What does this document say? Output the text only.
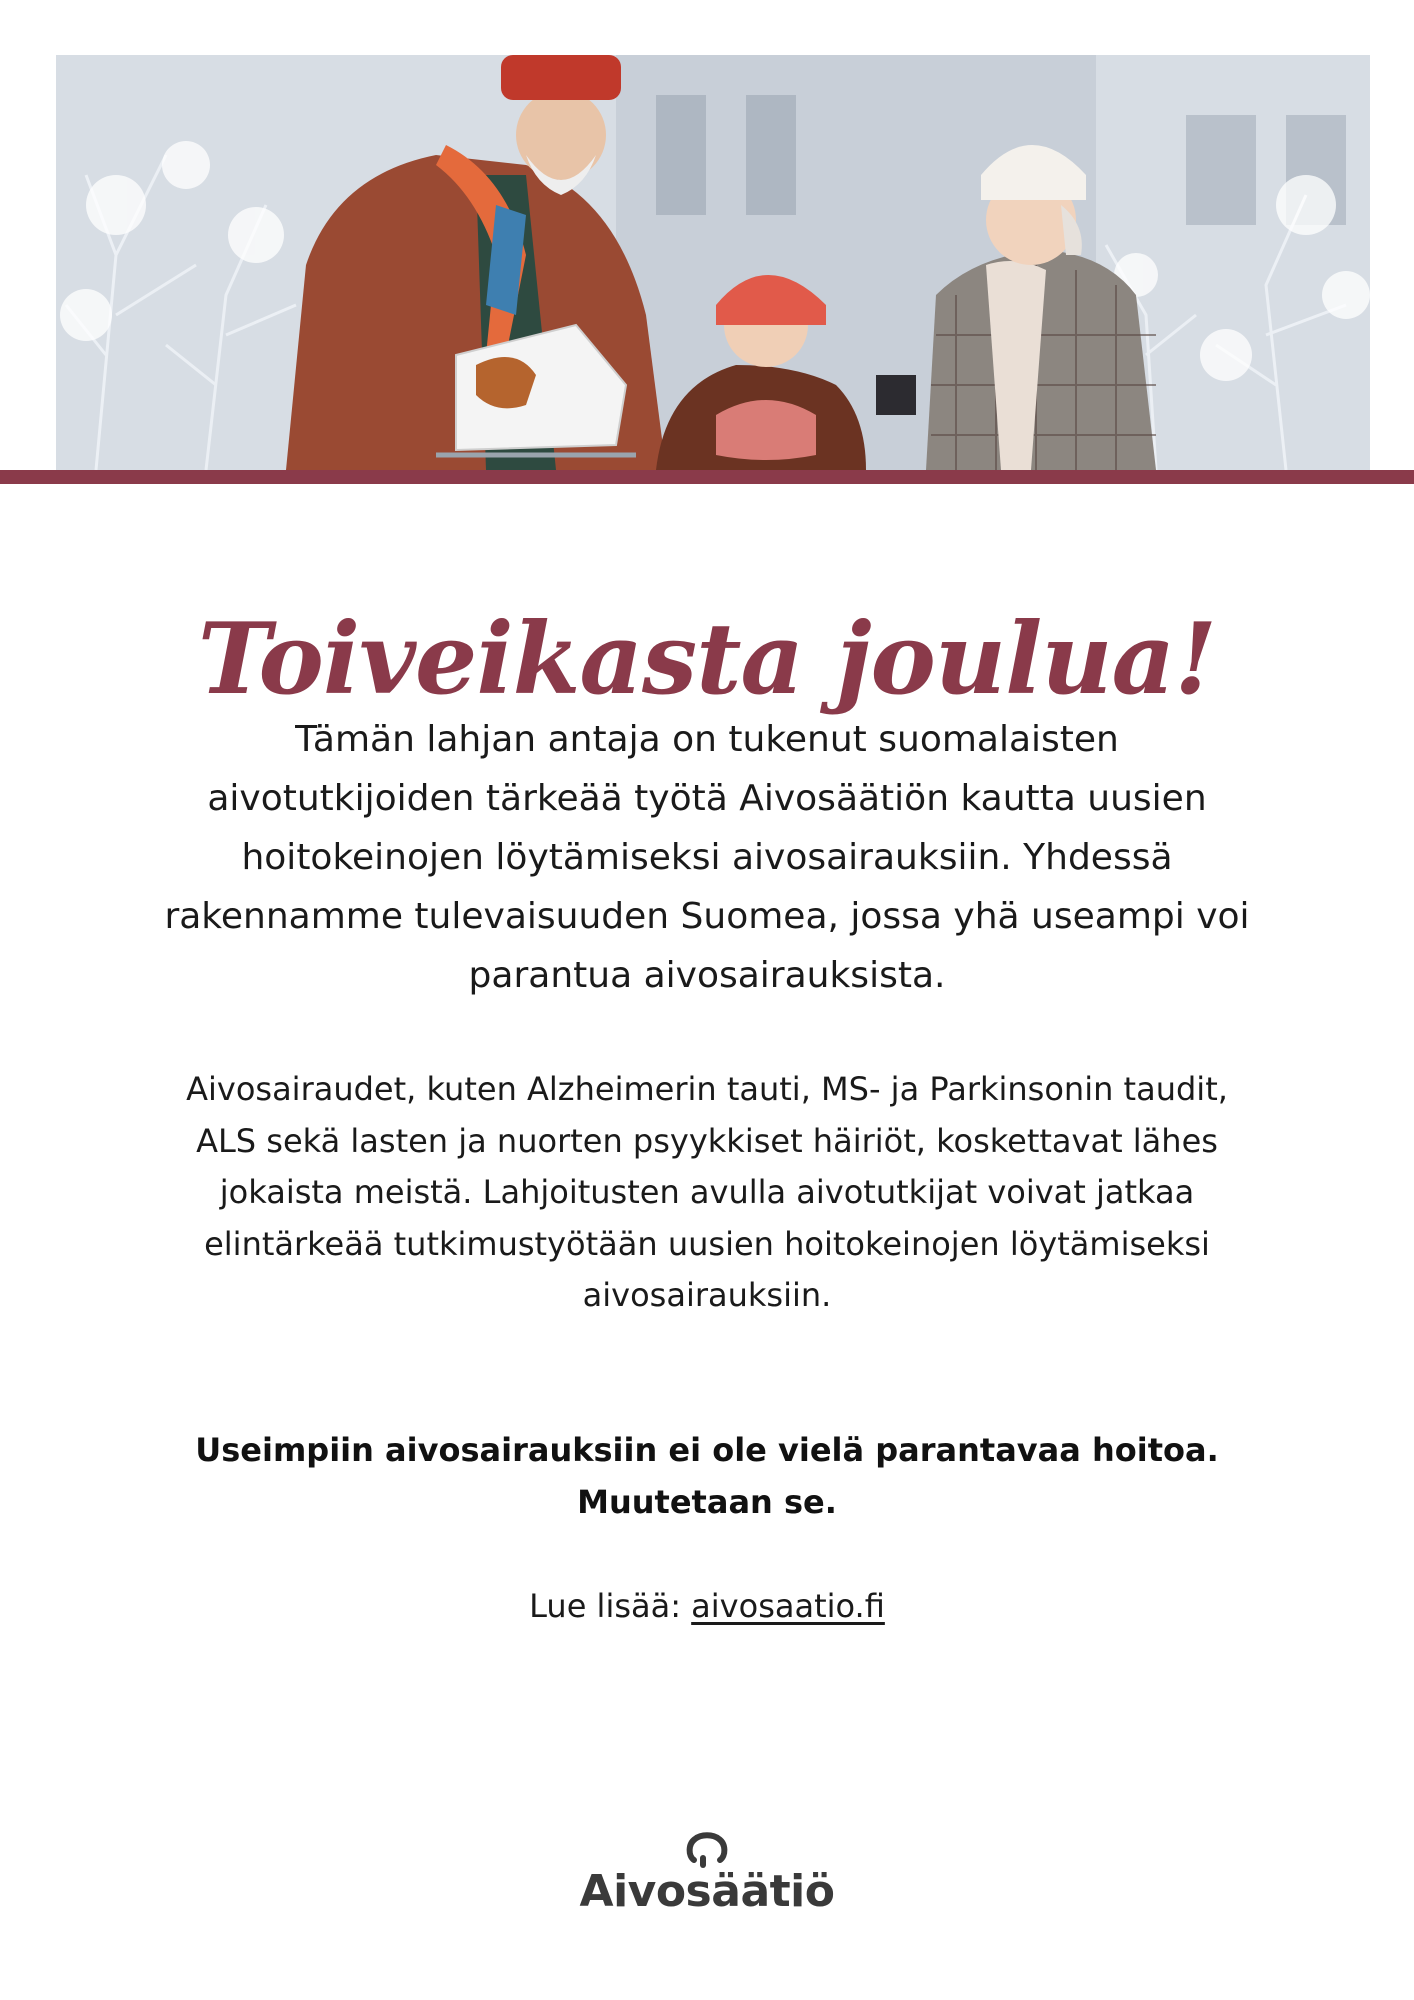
Toiveikasta joulua!

Tämän lahjan antaja on tukenut suomalaisten aivotutkijoiden tärkeää työtä Aivosäätiön kautta uusien hoitokeinojen löytämiseksi aivosairauksiin. Yhdessä rakennamme tulevaisuuden Suomea, jossa yhä useampi voi parantua aivosairauksista.

Aivosairaudet, kuten Alzheimerin tauti, MS- ja Parkinsonin taudit, ALS sekä lasten ja nuorten psyykkiset häiriöt, koskettavat lähes jokaista meistä. Lahjoitusten avulla aivotutkijat voivat jatkaa elintärkeää tutkimustyötään uusien hoitokeinojen löytämiseksi aivosairauksiin.

Useimpiin aivosairauksiin ei ole vielä parantavaa hoitoa. Muutetaan se.

Lue lisää: aivosaatio.fi
Aivosäätiö
